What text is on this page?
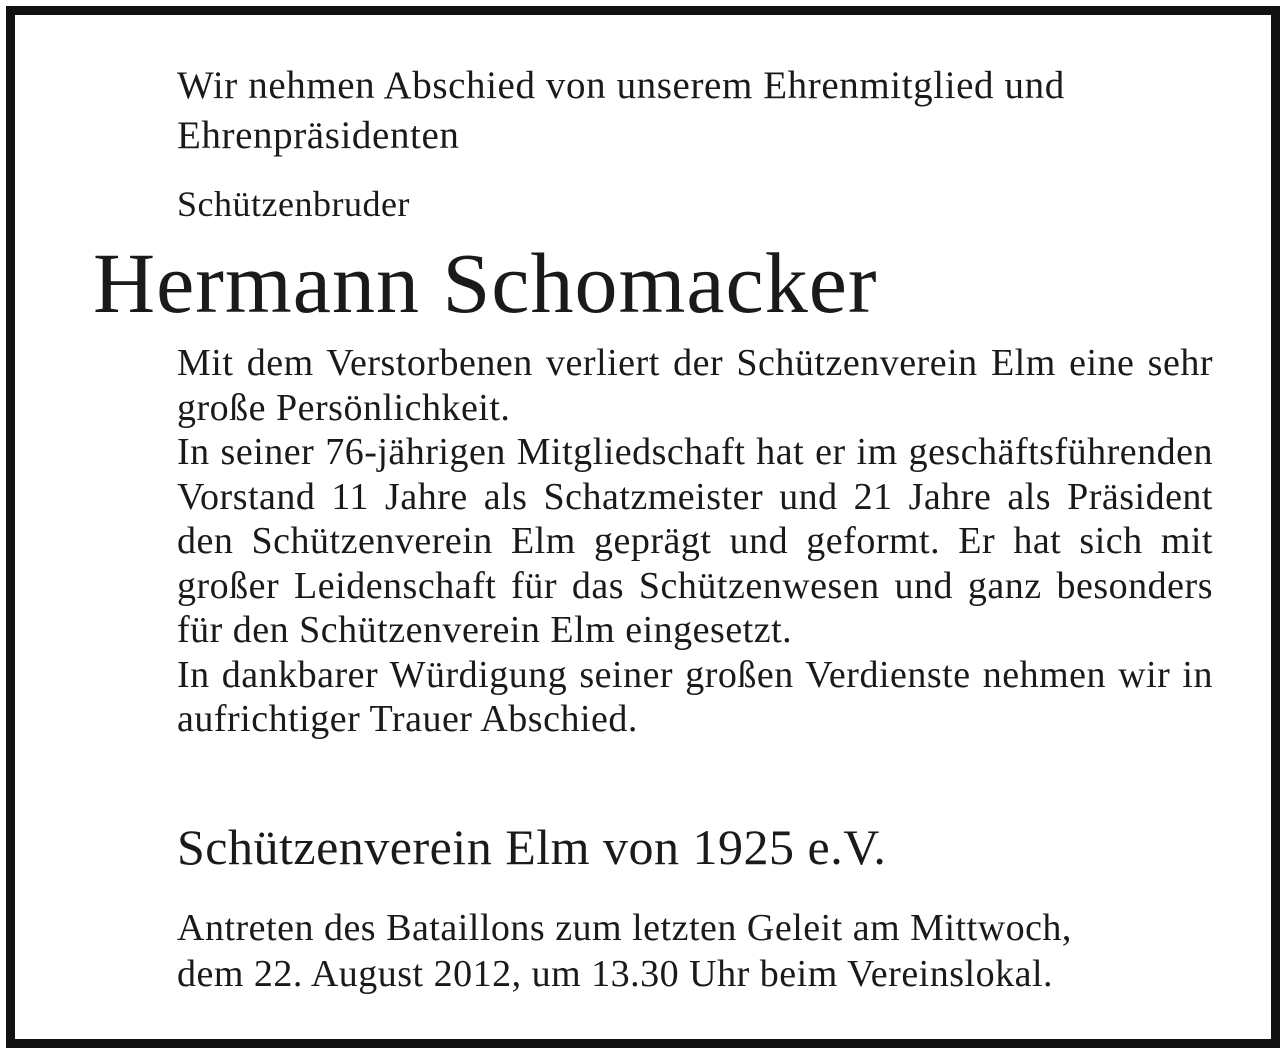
Wir nehmen Abschied von unserem Ehrenmitglied und
Ehrenpräsidenten
Schützenbruder
Hermann Schomacker

Mit dem Verstorbenen verliert der Schützenverein Elm eine sehr große Persönlichkeit.

In seiner 76-jährigen Mitgliedschaft hat er im geschäftsführenden Vorstand 11 Jahre als Schatzmeister und 21 Jahre als Präsident den Schützenverein Elm geprägt und geformt. Er hat sich mit großer Leidenschaft für das Schützenwesen und ganz besonders für den Schützenverein Elm eingesetzt.

In dankbarer Würdigung seiner großen Verdienste nehmen wir in aufrichtiger Trauer Abschied.

Schützenverein Elm von 1925 e.V.
Antreten des Bataillons zum letzten Geleit am Mittwoch,
dem 22. August 2012, um 13.30 Uhr beim Vereinslokal.
